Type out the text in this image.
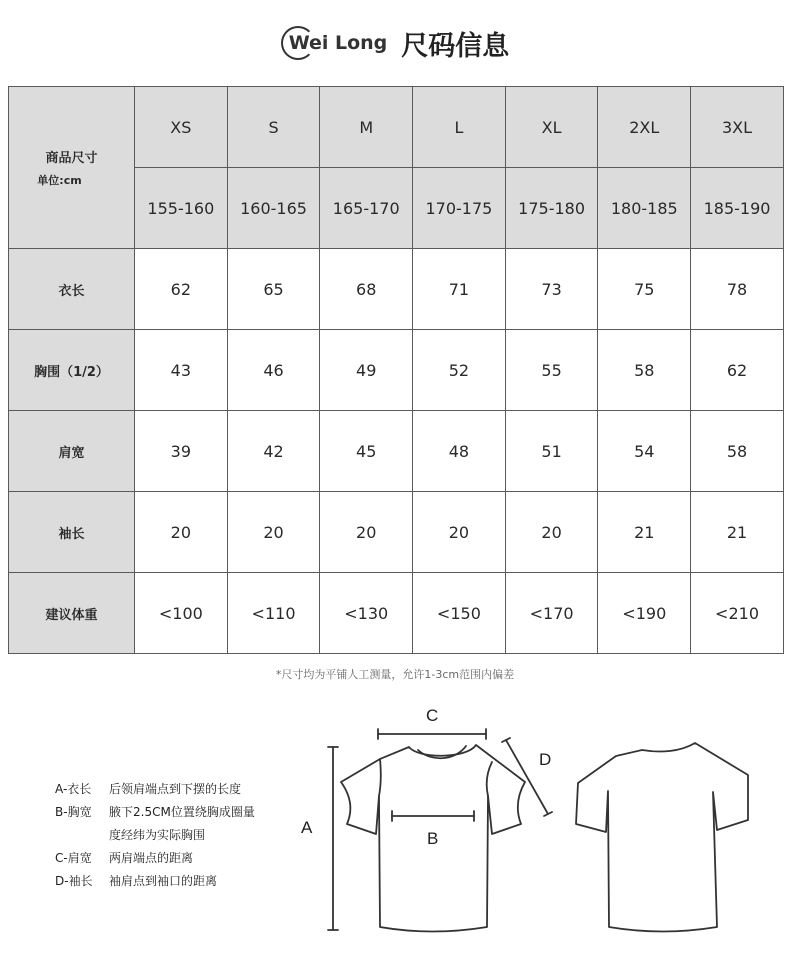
Wei Long 尺码信息
商品尺寸
单位:cm	XS	S	M	L	XL	2XL	3XL
	155-160	160-165	165-170	170-175	175-180	180-185	185-190
衣长	62	65	68	71	73	75	78
胸围（1/2）	43	46	49	52	55	58	62
肩宽	39	42	45	48	51	54	58
袖长	20	20	20	20	20	21	21
建议体重	<100	<110	<130	<150	<170	<190	<210
*尺寸均为平铺人工测量，允许1-3cm范围内偏差
A-衣长	后领肩端点到下摆的长度
B-胸宽	腋下2.5CM位置绕胸成圈量
度经纬为实际胸围
C-肩宽	两肩端点的距离
D-袖长	袖肩点到袖口的距离
A
B
C
D
